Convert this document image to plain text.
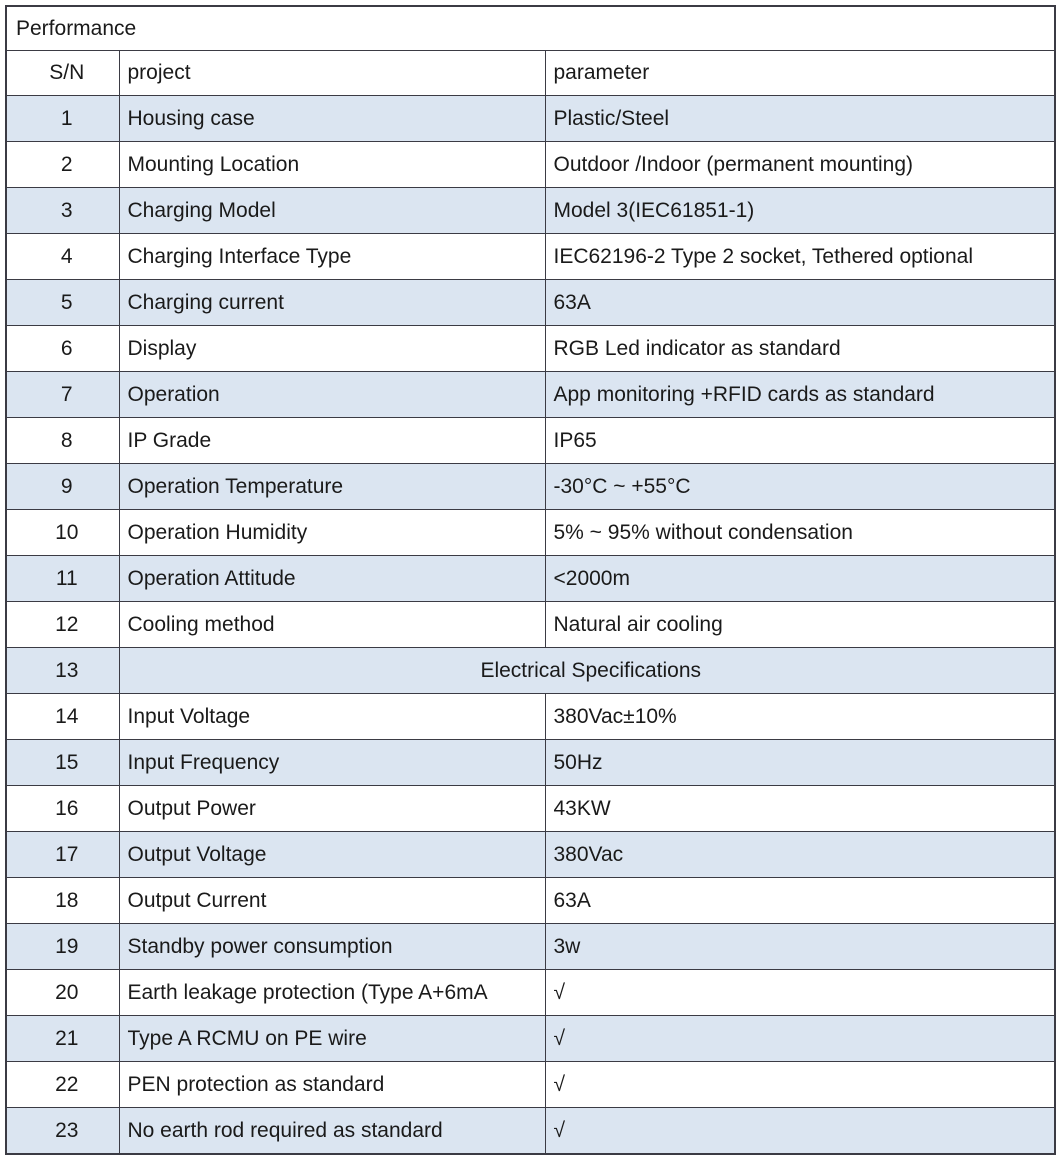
Performance		
S/N	project	parameter
1	Housing case	Plastic/Steel
2	Mounting Location	Outdoor /Indoor (permanent mounting)
3	Charging Model	Model 3(IEC61851-1)
4	Charging Interface Type	IEC62196-2 Type 2 socket, Tethered optional
5	Charging current	63A
6	Display	RGB Led indicator as standard
7	Operation	App monitoring +RFID cards as standard
8	IP Grade	IP65
9	Operation Temperature	-30°C ~ +55°C
10	Operation Humidity	5% ~ 95% without condensation
11	Operation Attitude	<2000m
12	Cooling method	Natural air cooling
13	Electrical Specifications	
14	Input Voltage	380Vac±10%
15	Input Frequency	50Hz
16	Output Power	43KW
17	Output Voltage	380Vac
18	Output Current	63A
19	Standby power consumption	3w
20	Earth leakage protection (Type A+6mA	√
21	Type A RCMU on PE wire	√
22	PEN protection as standard	√
23	No earth rod required as standard	√
